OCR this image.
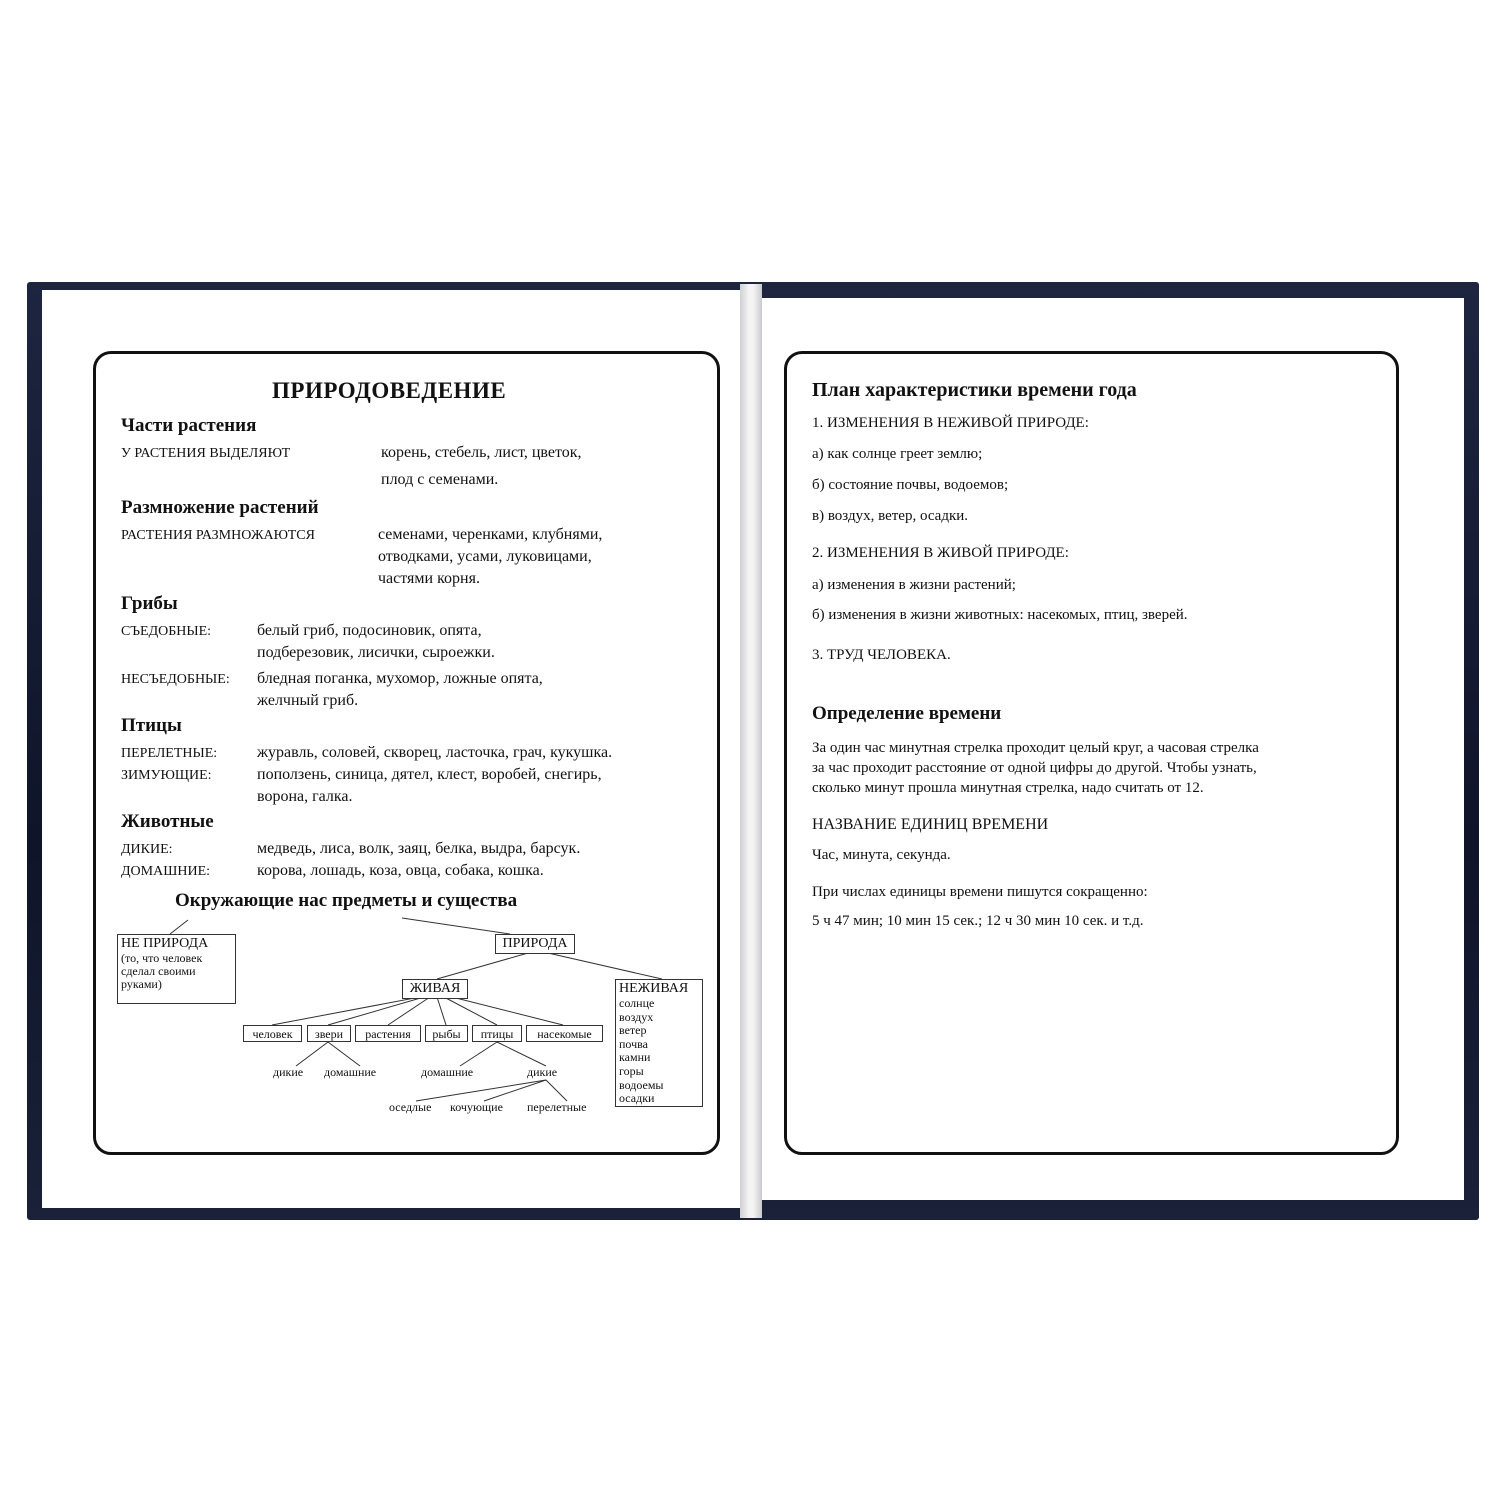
ПРИРОДОВЕДЕНИЕ
Части растения
У РАСТЕНИЯ ВЫДЕЛЯЮТ	корень, стебель, лист, цветок,
плод с семенами.
Размножение растений
РАСТЕНИЯ РАЗМНОЖАЮТСЯ	семенами, черенками, клубнями,
отводками, усами, луковицами,
частями корня.
Грибы
СЪЕДОБНЫЕ:	белый гриб, подосиновик, опята,
подберезовик, лисички, сыроежки.
НЕСЪЕДОБНЫЕ: бледная поганка, мухомор, ложные опята,
желчный гриб.
Птицы
ПЕРЕЛЕТНЫЕ: журавль, соловей, скворец, ласточка, грач, кукушка.
ЗИМУЮЩИЕ:	поползень, синица, дятел, клест, воробей, снегирь,
ворона, галка.
Животные
ДИКИЕ:	медведь, лиса, волк, заяц, белка, выдра, барсук.
ДОМАШНИЕ:	корова, лошадь, коза, овца, собака, кошка.
Окружающие нас предметы и существа
НЕ ПРИРОДА
(то, что человек
сделал своими
руками)
ПРИРОДА
ЖИВАЯ	НЕЖИВАЯ
солнце
воздух
ветер
почва
камни
горы
водоемы
осадки
человек	звери	растения	рыбы	птицы	насекомые
дикие домашние	домашние	дикие
оседлые кочующие перелетные
План характеристики времени года
1. ИЗМЕНЕНИЯ В НЕЖИВОЙ ПРИРОДЕ:
а) как солнце греет землю;
б) состояние почвы, водоемов;
в) воздух, ветер, осадки.
2. ИЗМЕНЕНИЯ В ЖИВОЙ ПРИРОДЕ:
а) изменения в жизни растений;
б) изменения в жизни животных: насекомых, птиц, зверей.
3. ТРУД ЧЕЛОВЕКА.
Определение времени
За один час минутная стрелка проходит целый круг, а часовая стрелка
за час проходит расстояние от одной цифры до другой. Чтобы узнать,
сколько минут прошла минутная стрелка, надо считать от 12.
НАЗВАНИЕ ЕДИНИЦ ВРЕМЕНИ
Час, минута, секунда.
При числах единицы времени пишутся сокращенно:
5 ч 47 мин; 10 мин 15 сек.; 12 ч 30 мин 10 сек. и т.д.
